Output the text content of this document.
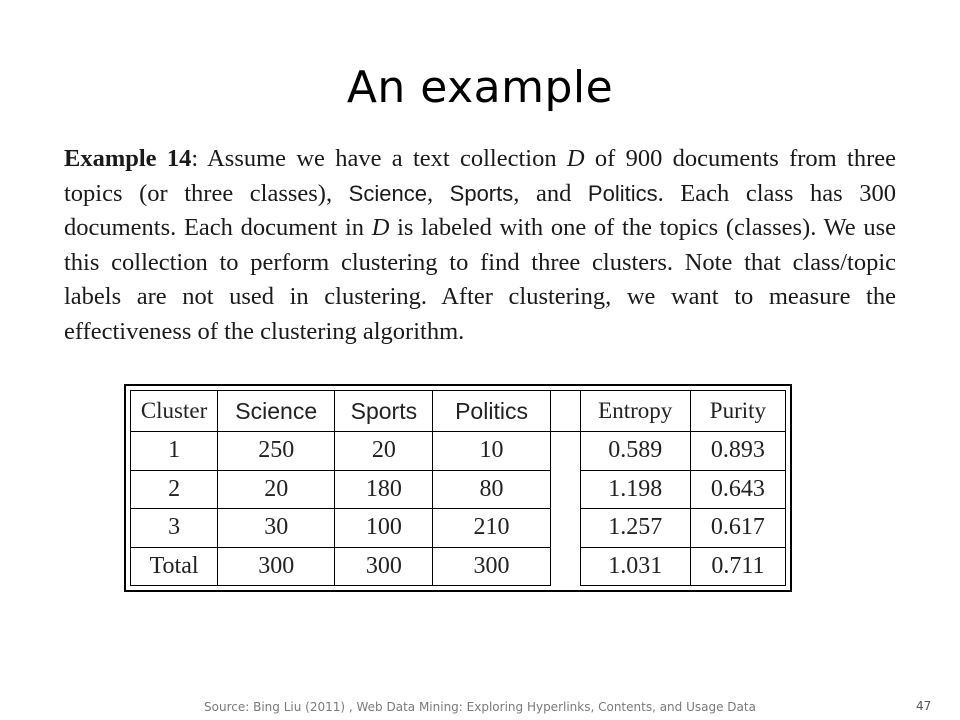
An example
Example 14: Assume we have a text collection D of 900 documents from three topics (or three classes), Science, Sports, and Politics. Each class has 300 documents. Each document in D is labeled with one of the topics (classes). We use this collection to perform clustering to find three clusters. Note that class/topic labels are not used in clustering. After clustering, we want to measure the effectiveness of the clustering algorithm.
Cluster	Science	Sports	Politics		Entropy	Purity
1	250	20	10		0.589	0.893
2	20	180	80		1.198	0.643
3	30	100	210		1.257	0.617
Total	300	300	300		1.031	0.711
Source: Bing Liu (2011) , Web Data Mining: Exploring Hyperlinks, Contents, and Usage Data	47
